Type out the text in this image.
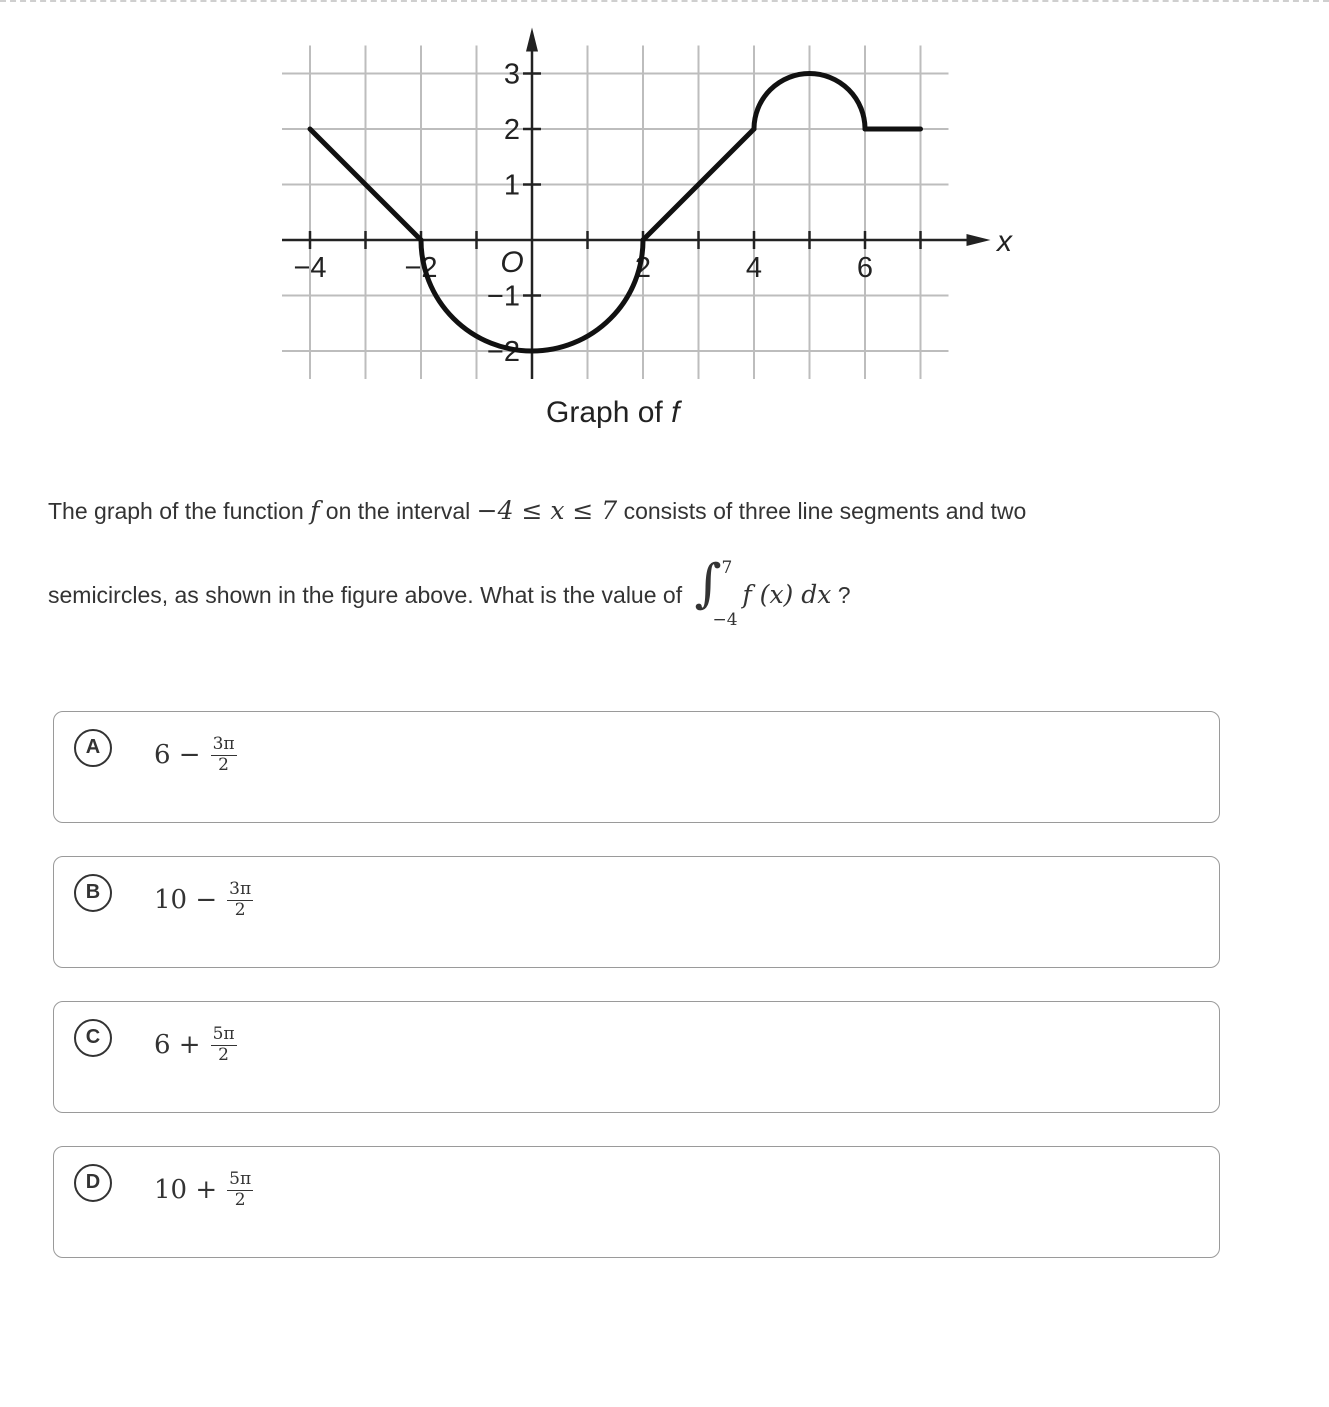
−4	−2	2	4	6
3
2
1
−1
−2
O
x
Graph of f
The graph of the function f on the interval −4 ≤ x ≤ 7 consists of three line segments and two
semicircles, as shown in the figure above. What is the value of ∫ 7
−4
f (x) dx ?
A	$6 - \frac{3\pi}{2}$
B	$10 - \frac{3\pi}{2}$
C	$6 + \frac{5\pi}{2}$
D	$10 + \frac{5\pi}{2}$
